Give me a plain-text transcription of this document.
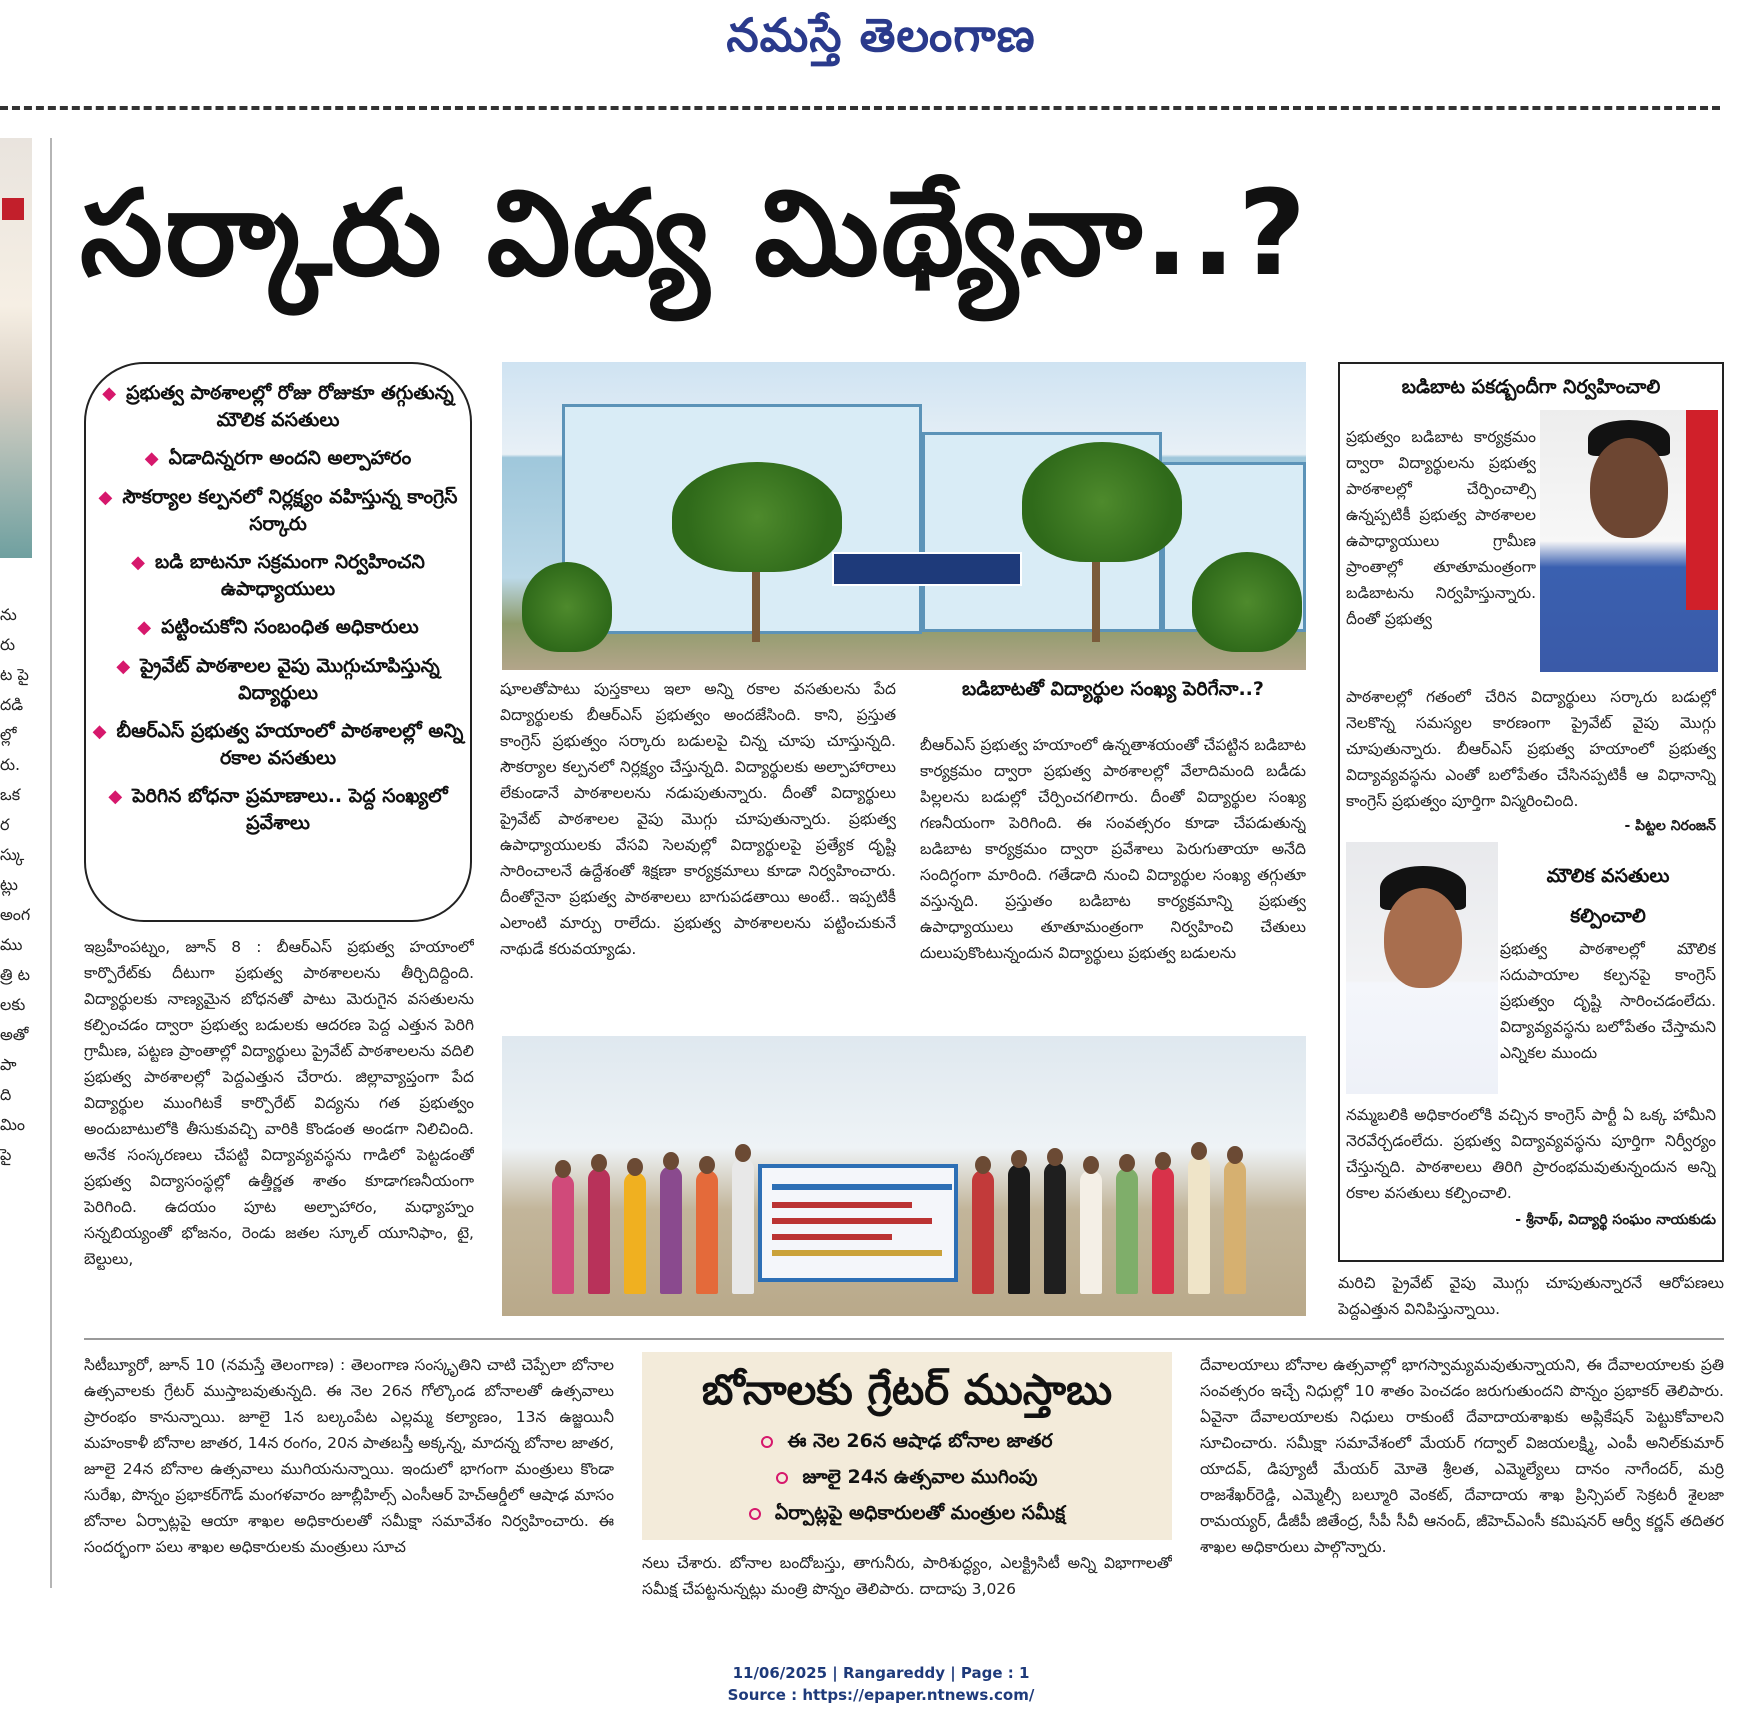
నమస్తే తెలంగాణ
ను రు ట పై దడి ల్లో రు. ఒక ర స్కు ట్లు అంగ ము త్రి ట లకు అతో పా ది మిం పై
సర్కారు విద్య మిథ్యేనా..?
◆ ప్రభుత్వ పాఠశాలల్లో రోజు రోజుకూ తగ్గుతున్న మౌలిక వసతులు
◆ ఏడాదిన్నరగా అందని అల్పాహారం
◆ సౌకర్యాల కల్పనలో నిర్లక్ష్యం వహిస్తున్న కాంగ్రెస్ సర్కారు
◆ బడి బాటనూ సక్రమంగా నిర్వహించని ఉపాధ్యాయులు
◆ పట్టించుకోని సంబంధిత అధికారులు
◆ ప్రైవేట్ పాఠశాలల వైపు మొగ్గుచూపిస్తున్న విద్యార్థులు
◆ బీఆర్ఎస్ ప్రభుత్వ హయాంలో పాఠశాలల్లో అన్ని రకాల వసతులు
◆ పెరిగిన బోధనా ప్రమాణాలు.. పెద్ద సంఖ్యలో ప్రవేశాలు
ఇబ్రహీంపట్నం, జూన్ 8 : బీఆర్ఎస్ ప్రభుత్వ హయాంలో కార్పొరేట్‌కు దీటుగా ప్రభుత్వ పాఠశాలలను తీర్చిదిద్దింది. విద్యార్థులకు నాణ్యమైన బోధనతో పాటు మెరుగైన వసతులను కల్పించడం ద్వారా ప్రభుత్వ బడులకు ఆదరణ పెద్ద ఎత్తున పెరిగి గ్రామీణ, పట్టణ ప్రాంతాల్లో విద్యార్థులు ప్రైవేట్ పాఠశాలలను వదిలి ప్రభుత్వ పాఠశాలల్లో పెద్దఎత్తున చేరారు. జిల్లావ్యాప్తంగా పేద విద్యార్థుల ముంగిటకే కార్పొరేట్ విద్యను గత ప్రభుత్వం అందుబాటులోకి తీసుకువచ్చి వారికి కొండంత అండగా నిలిచింది. అనేక సంస్కరణలు చేపట్టి విద్యావ్యవస్థను గాడిలో పెట్టడంతో ప్రభుత్వ విద్యాసంస్థల్లో ఉత్తీర్ణత శాతం కూడాగణనీయంగా పెరిగింది. ఉదయం పూట అల్పాహారం, మధ్యాహ్నం సన్నబియ్యంతో భోజనం, రెండు జతల స్కూల్ యూనిఫాం, టై, బెల్టులు,
షూలతోపాటు పుస్తకాలు ఇలా అన్ని రకాల వసతులను పేద విద్యార్థులకు బీఆర్ఎస్ ప్రభుత్వం అందజేసింది. కాని, ప్రస్తుత కాంగ్రెస్ ప్రభుత్వం సర్కారు బడులపై చిన్న చూపు చూస్తున్నది. సౌకర్యాల కల్పనలో నిర్లక్ష్యం చేస్తున్నది. విద్యార్థులకు అల్పాహారాలు లేకుండానే పాఠశాలలను నడుపుతున్నారు. దీంతో విద్యార్థులు ప్రైవేట్ పాఠశాలల వైపు మొగ్గు చూపుతున్నారు. ప్రభుత్వ ఉపాధ్యాయులకు వేసవి సెలవుల్లో విద్యార్థులపై ప్రత్యేక దృష్టి సారించాలనే ఉద్దేశంతో శిక్షణా కార్యక్రమాలు కూడా నిర్వహించారు. దీంతోనైనా ప్రభుత్వ పాఠశాలలు బాగుపడతాయి అంటే.. ఇప్పటికీ ఎలాంటి మార్పు రాలేదు. ప్రభుత్వ పాఠశాలలను పట్టించుకునే నాథుడే కరువయ్యాడు.
బడిబాటతో విద్యార్థుల సంఖ్య పెరిగేనా..?
బీఆర్ఎస్ ప్రభుత్వ హయాంలో ఉన్నతాశయంతో చేపట్టిన బడిబాట కార్యక్రమం ద్వారా ప్రభుత్వ పాఠశాలల్లో వేలాదిమంది బడీడు పిల్లలను బడుల్లో చేర్పించగలిగారు. దీంతో విద్యార్థుల సంఖ్య గణనీయంగా పెరిగింది. ఈ సంవత్సరం కూడా చేపడుతున్న బడిబాట కార్యక్రమం ద్వారా ప్రవేశాలు పెరుగుతాయా అనేది సందిగ్ధంగా మారింది. గతేడాది నుంచి విద్యార్థుల సంఖ్య తగ్గుతూ వస్తున్నది. ప్రస్తుతం బడిబాట కార్యక్రమాన్ని ప్రభుత్వ ఉపాధ్యాయులు తూతూమంత్రంగా నిర్వహించి చేతులు దులుపుకొంటున్నందున విద్యార్థులు ప్రభుత్వ బడులను
బడిబాట పకడ్బందీగా నిర్వహించాలి
ప్రభుత్వం బడిబాట కార్యక్రమం ద్వారా విద్యార్థులను ప్రభుత్వ పాఠశాలల్లో చేర్పించాల్సి ఉన్నప్పటికీ ప్రభుత్వ పాఠశాలల ఉపాధ్యాయులు గ్రామీణ ప్రాంతాల్లో తూతూమంత్రంగా బడిబాటను నిర్వహిస్తున్నారు. దీంతో ప్రభుత్వ
పాఠశాలల్లో గతంలో చేరిన విద్యార్థులు సర్కారు బడుల్లో నెలకొన్న సమస్యల కారణంగా ప్రైవేట్ వైపు మొగ్గు చూపుతున్నారు. బీఆర్ఎస్ ప్రభుత్వ హయాంలో ప్రభుత్వ విద్యావ్యవస్థను ఎంతో బలోపేతం చేసినప్పటికీ ఆ విధానాన్ని కాంగ్రెస్ ప్రభుత్వం పూర్తిగా విస్మరించింది.
- పిట్టల నిరంజన్
మౌలిక వసతులు
కల్పించాలి
ప్రభుత్వ పాఠశాలల్లో మౌలిక సదుపాయాల కల్పనపై కాంగ్రెస్ ప్రభుత్వం దృష్టి సారించడంలేదు. విద్యావ్యవస్థను బలోపేతం చేస్తామని ఎన్నికల ముందు
నమ్మబలికి అధికారంలోకి వచ్చిన కాంగ్రెస్ పార్టీ ఏ ఒక్క హామీని నెరవేర్చడంలేదు. ప్రభుత్వ విద్యావ్యవస్థను పూర్తిగా నిర్వీర్యం చేస్తున్నది. పాఠశాలలు తిరిగి ప్రారంభమవుతున్నందున అన్ని రకాల వసతులు కల్పించాలి.
- శ్రీనాథ్, విద్యార్థి సంఘం నాయకుడు
మరిచి ప్రైవేట్ వైపు మొగ్గు చూపుతున్నారనే ఆరోపణలు పెద్దఎత్తున వినిపిస్తున్నాయి.
సిటీబ్యూరో, జూన్ 10 (నమస్తే తెలంగాణ) : తెలంగాణ సంస్కృతిని చాటి చెప్పేలా బోనాల ఉత్సవాలకు గ్రేటర్ ముస్తాబవుతున్నది. ఈ నెల 26న గోల్కొండ బోనాలతో ఉత్సవాలు ప్రారంభం కానున్నాయి. జూలై 1న బల్కంపేట ఎల్లమ్మ కల్యాణం, 13న ఉజ్జయినీ మహంకాళీ బోనాల జాతర, 14న రంగం, 20న పాతబస్తీ అక్కన్న, మాదన్న బోనాల జాతర, జూలై 24న బోనాల ఉత్సవాలు ముగియనున్నాయి. ఇందులో భాగంగా మంత్రులు కొండా సురేఖ, పొన్నం ప్రభాకర్‌గౌడ్ మంగళవారం జూబ్లీహిల్స్ ఎంసీఆర్ హెచ్ఆర్డీలో ఆషాఢ మాసం బోనాల ఏర్పాట్లపై ఆయా శాఖల అధికారులతో సమీక్షా సమావేశం నిర్వహించారు. ఈ సందర్భంగా పలు శాఖల అధికారులకు మంత్రులు సూచ
బోనాలకు గ్రేటర్ ముస్తాబు
ఈ నెల 26న ఆషాఢ బోనాల జాతర
జూలై 24న ఉత్సవాల ముగింపు
ఏర్పాట్లపై అధికారులతో మంత్రుల సమీక్ష
నలు చేశారు. బోనాల బందోబస్తు, తాగునీరు, పారిశుద్ధ్యం, ఎలక్ట్రిసిటీ అన్ని విభాగాలతో సమీక్ష చేపట్టనున్నట్లు మంత్రి పొన్నం తెలిపారు. దాదాపు 3,026
దేవాలయాలు బోనాల ఉత్సవాల్లో భాగస్వామ్యమవుతున్నాయని, ఈ దేవాలయాలకు ప్రతి సంవత్సరం ఇచ్చే నిధుల్లో 10 శాతం పెంచడం జరుగుతుందని పొన్నం ప్రభాకర్ తెలిపారు. ఏవైనా దేవాలయాలకు నిధులు రాకుంటే దేవాదాయశాఖకు అప్లికేషన్ పెట్టుకోవాలని సూచించారు. సమీక్షా సమావేశంలో మేయర్ గద్వాల్ విజయలక్ష్మి, ఎంపీ అనిల్‌కుమార్ యాదవ్, డిప్యూటీ మేయర్ మోతె శ్రీలత, ఎమ్మెల్యేలు దానం నాగేందర్, మర్రి రాజశేఖర్‌రెడ్డి, ఎమ్మెల్సీ బల్మూరి వెంకట్, దేవాదాయ శాఖ ప్రిన్సిపల్ సెక్రటరీ శైలజా రామయ్యర్, డీజీపీ జితేంద్ర, సీపీ సీవీ ఆనంద్, జీహెచ్ఎంసీ కమిషనర్ ఆర్వీ కర్ణన్ తదితర శాఖల అధికారులు పాల్గొన్నారు.
11/06/2025 | Rangareddy | Page : 1
Source : https://epaper.ntnews.com/
